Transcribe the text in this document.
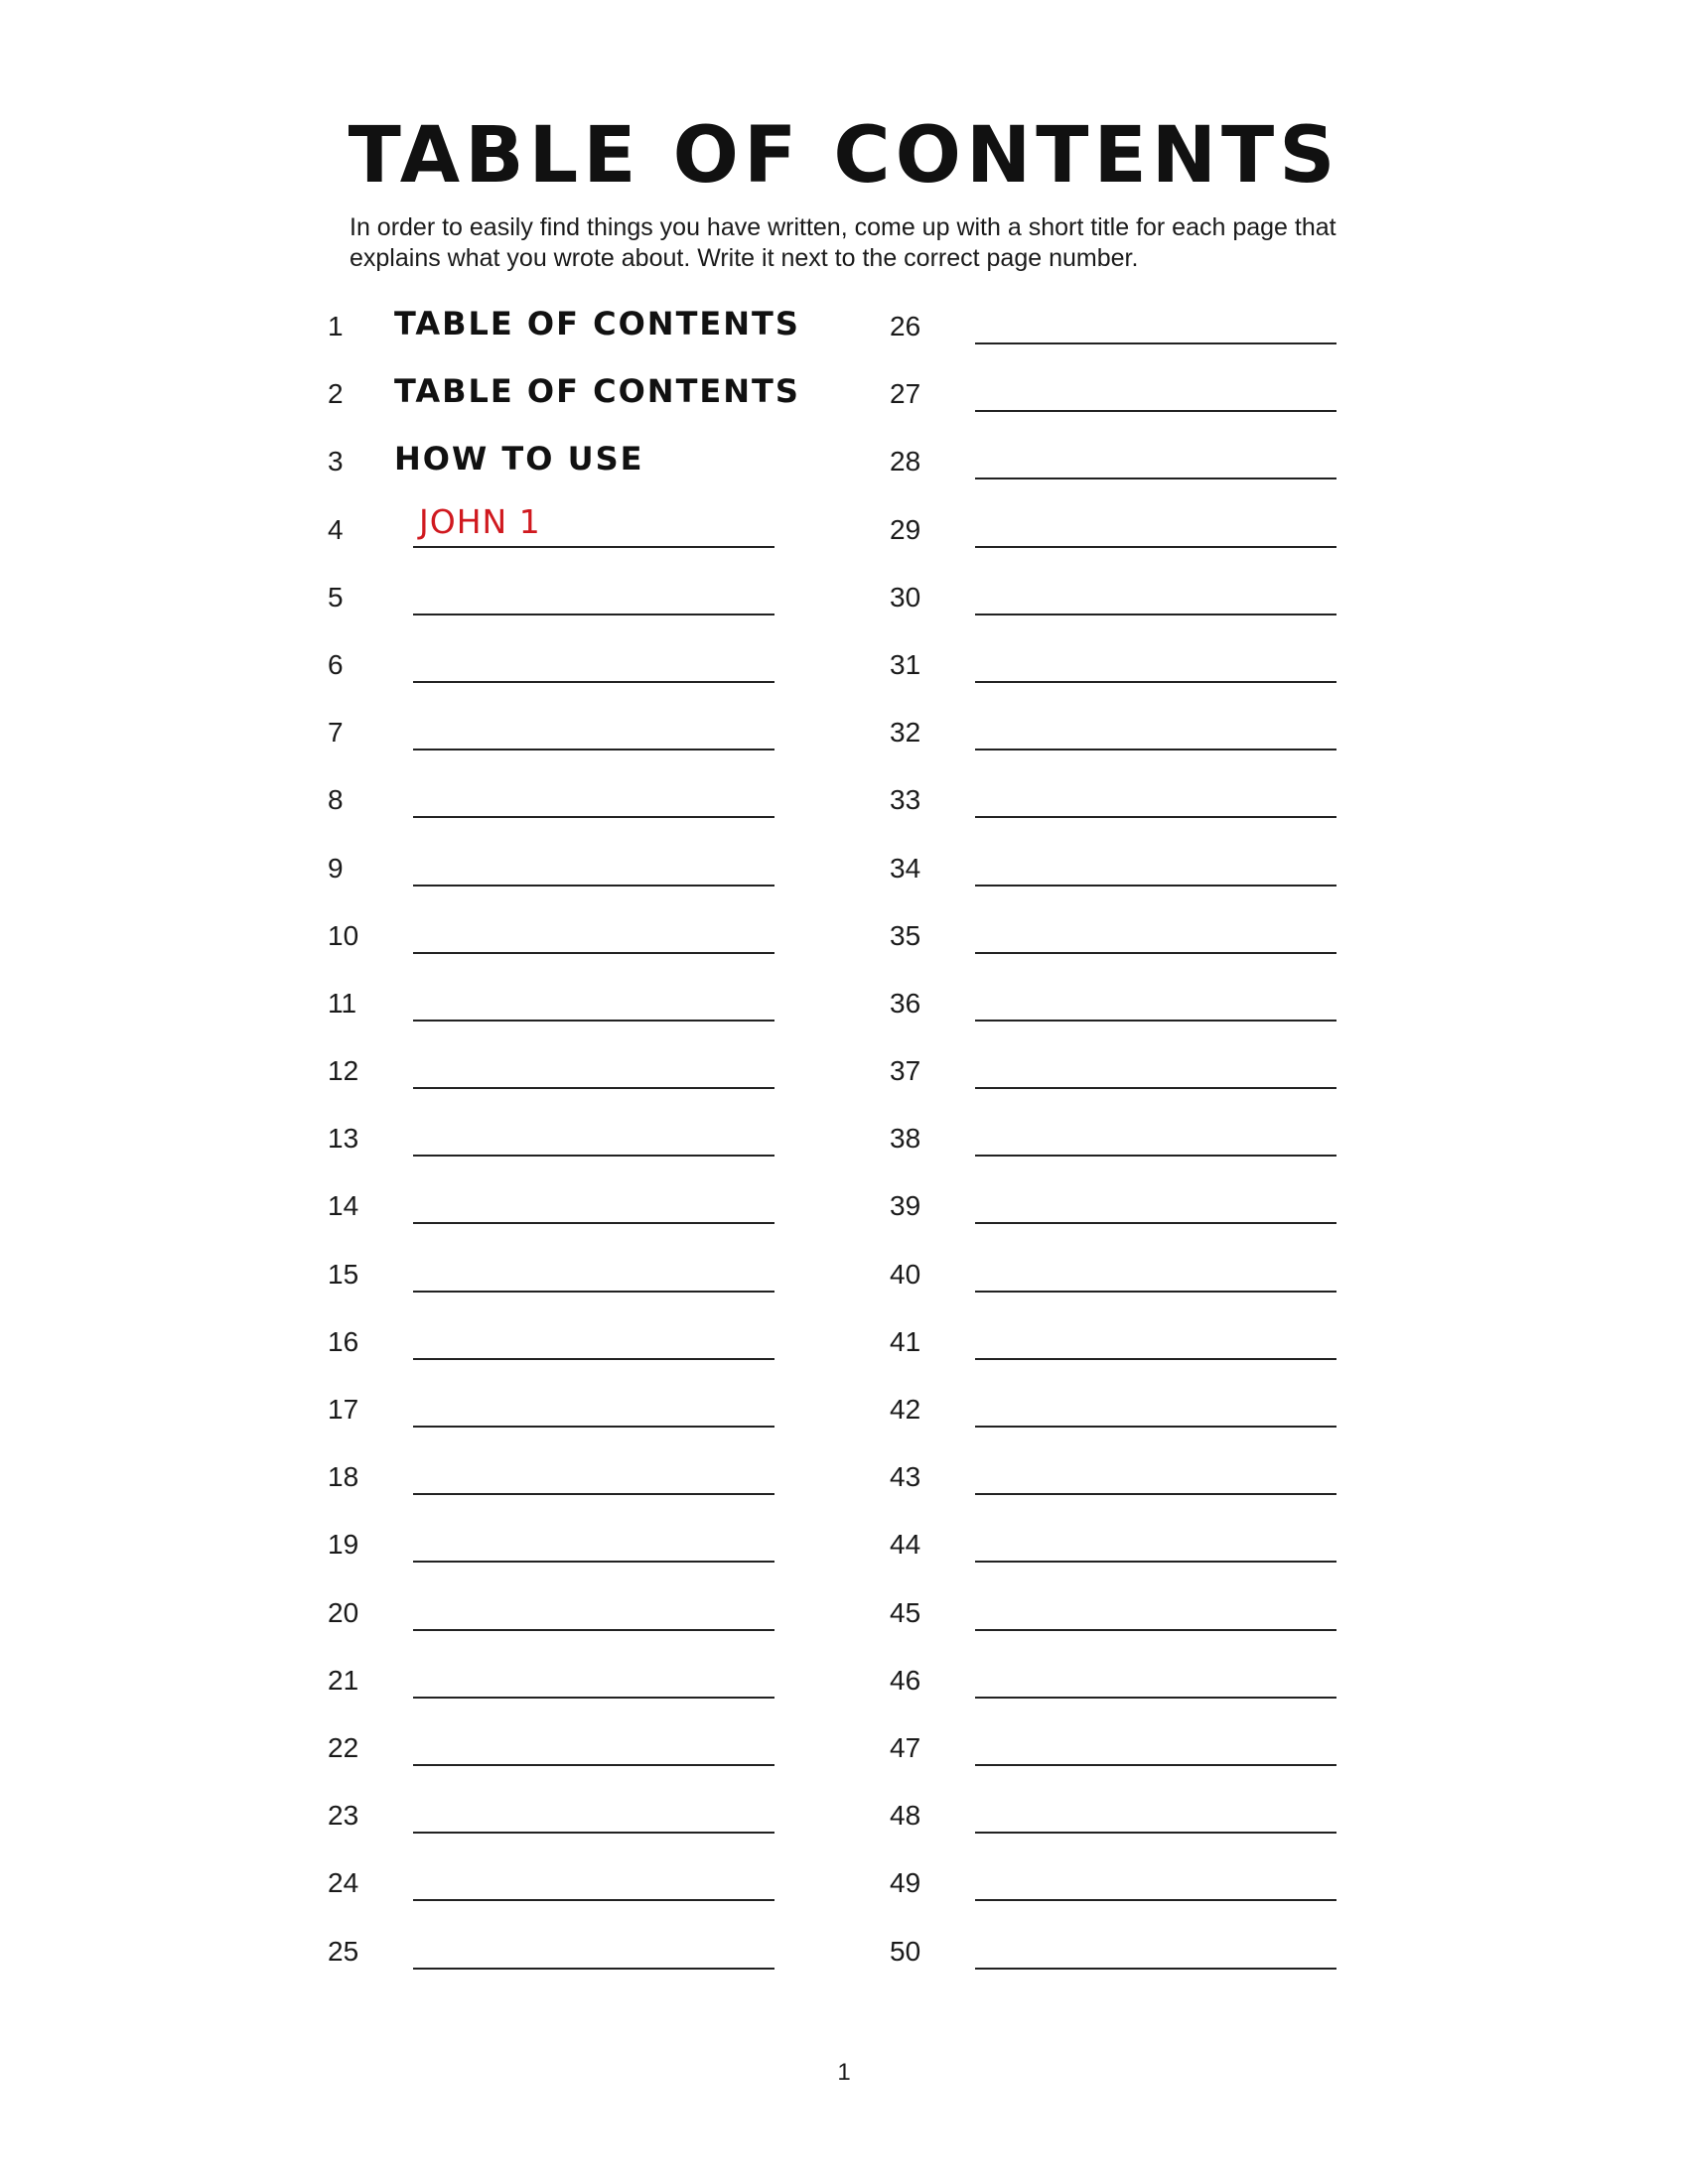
TABLE OF CONTENTS
In order to easily find things you have written, come up with a short title for each page that explains what you wrote about. Write it next to the correct page number.
1	TABLE OF CONTENTS
2	TABLE OF CONTENTS
3	HOW TO USE
4	JOHN 1
5
6
7
8
9
10
11
12
13
14
15
16
17
18
19
20
21
22
23
24
25
26
27
28
29
30
31
32
33
34
35
36
37
38
39
40
41
42
43
44
45
46
47
48
49
50
1
